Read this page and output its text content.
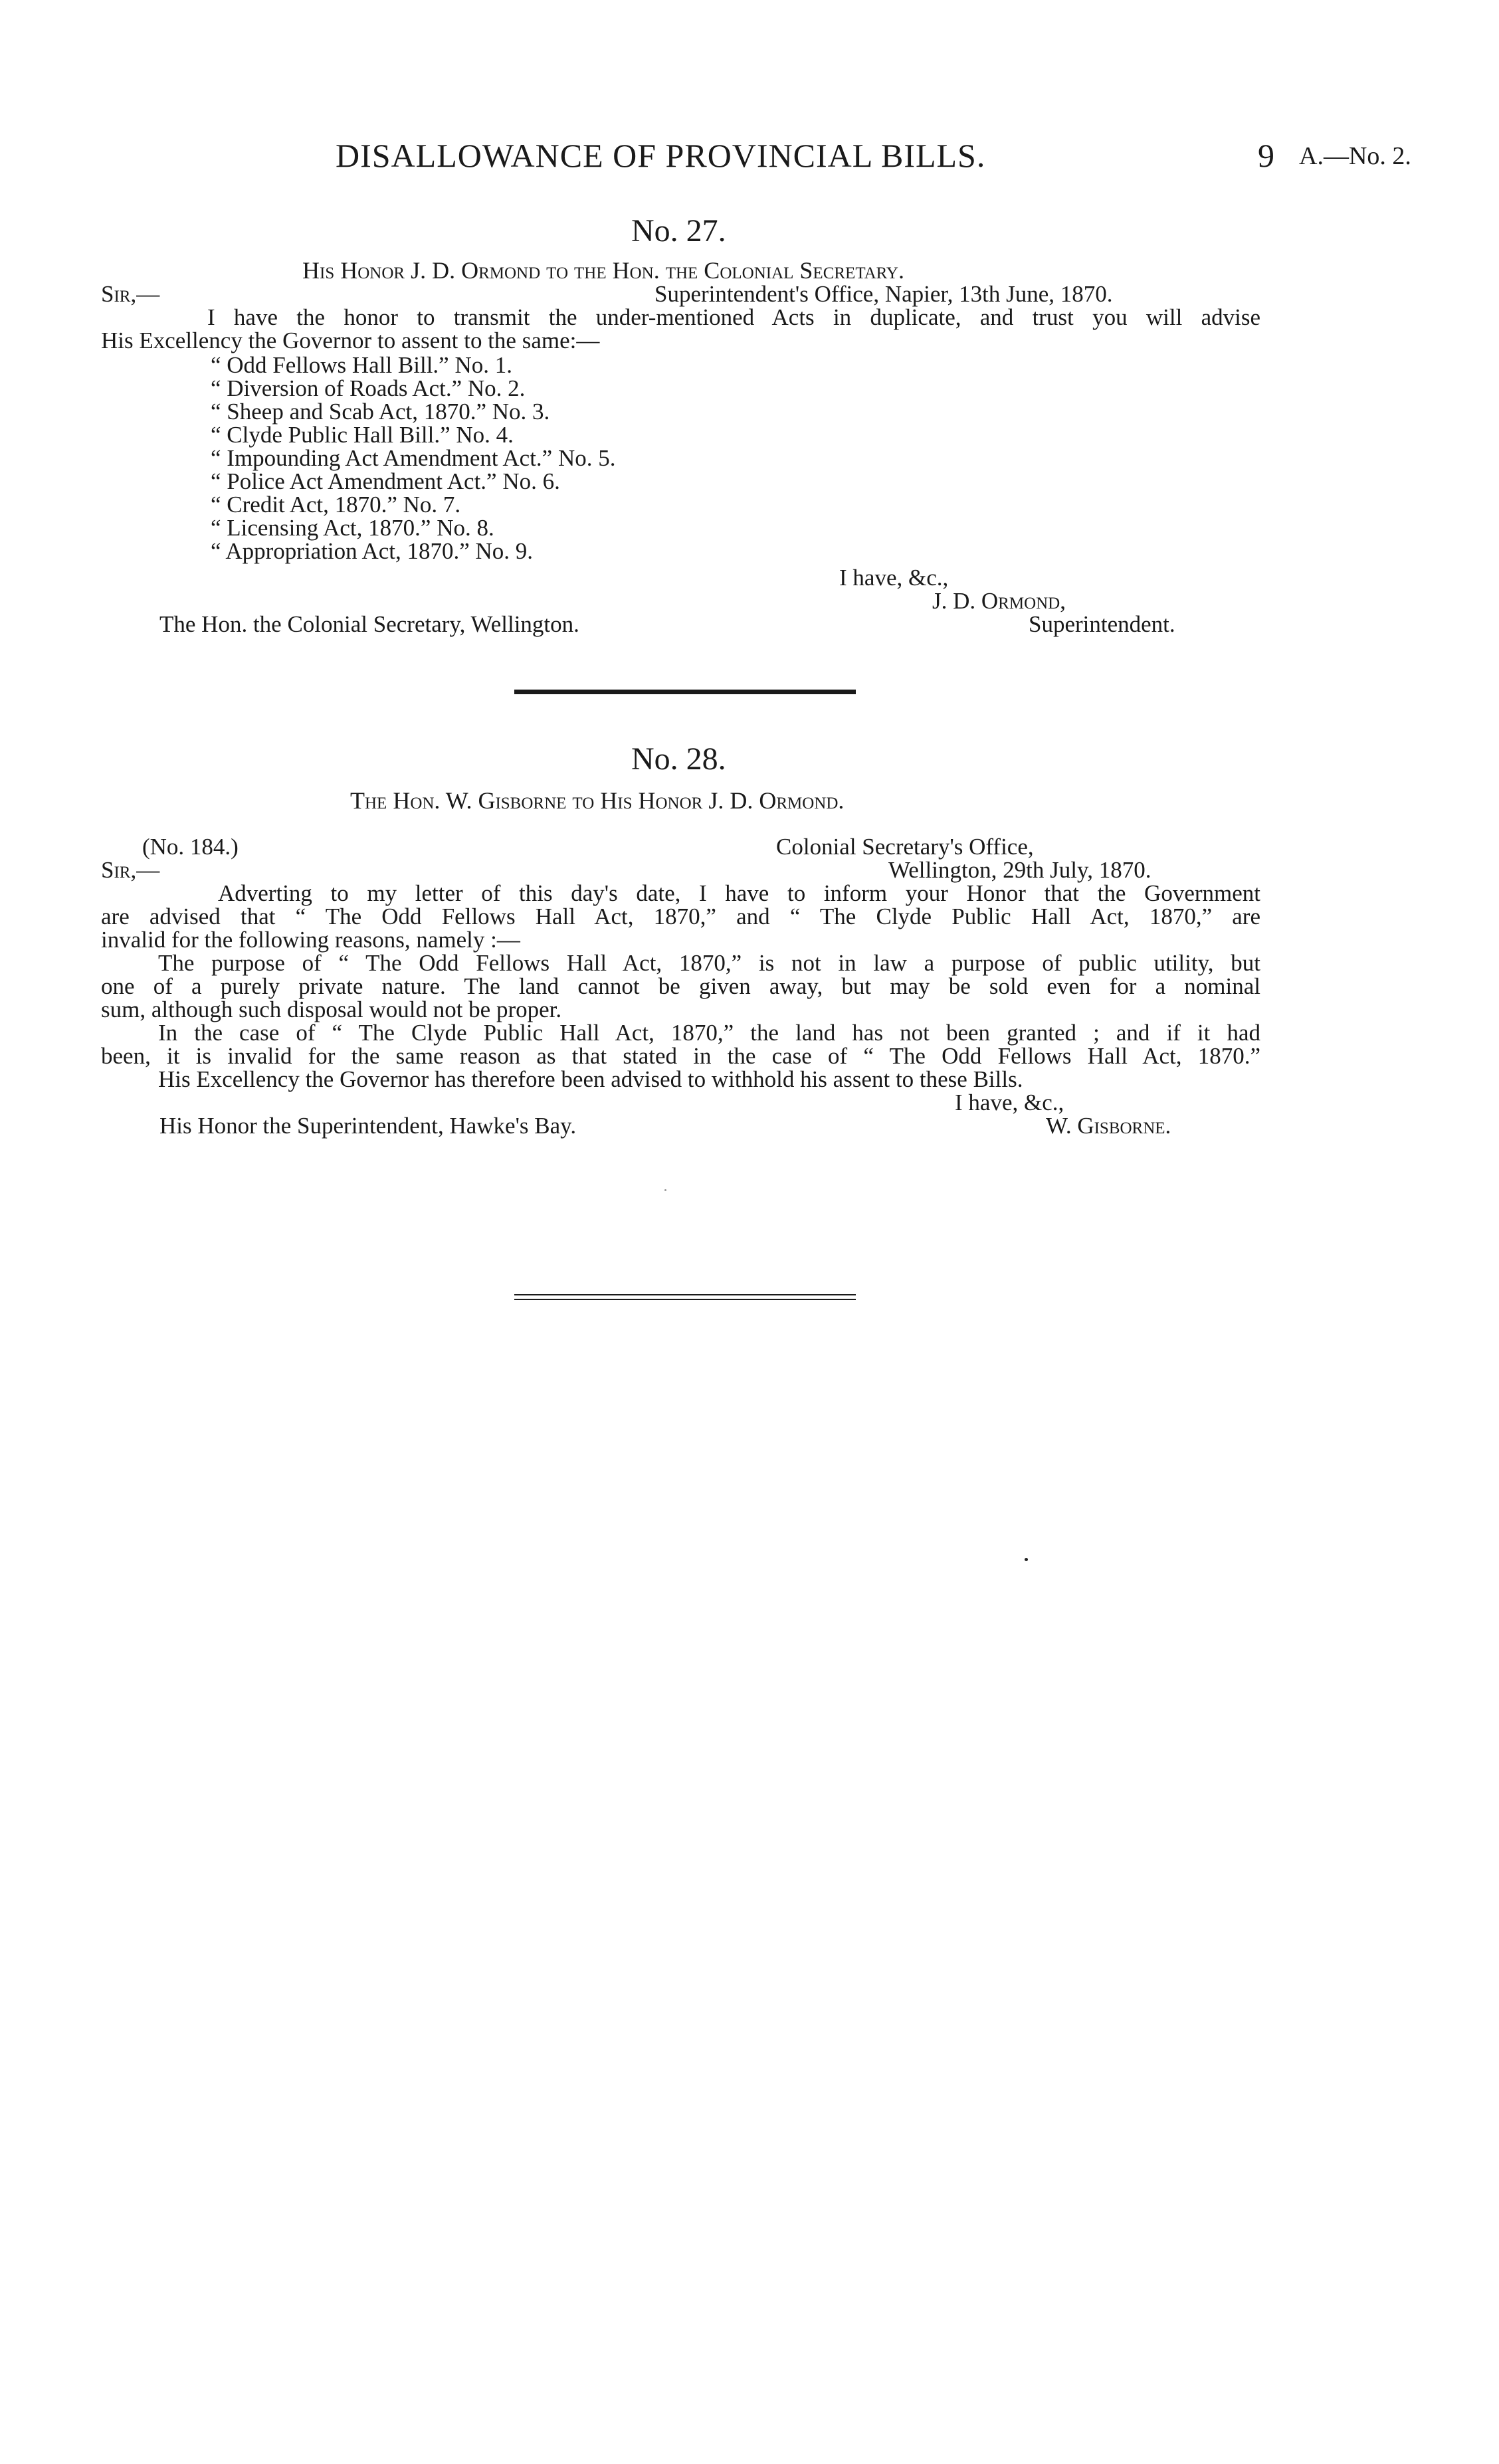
DISALLOWANCE OF PROVINCIAL BILLS.	9 A.—No. 2.
No. 27.
His Honor J. D. Ormond to the Hon. the Colonial Secretary.
Sir,—	Superintendent's Office, Napier, 13th June, 1870.
I have the honor to transmit the under-mentioned Acts in duplicate, and trust you will advise
His Excellency the Governor to assent to the same:—
“ Odd Fellows Hall Bill.” No. 1.
“ Diversion of Roads Act.” No. 2.
“ Sheep and Scab Act, 1870.” No. 3.
“ Clyde Public Hall Bill.” No. 4.
“ Impounding Act Amendment Act.” No. 5.
“ Police Act Amendment Act.” No. 6.
“ Credit Act, 1870.” No. 7.
“ Licensing Act, 1870.” No. 8.
“ Appropriation Act, 1870.” No. 9.
I have, &c.,
J. D. Ormond,
The Hon. the Colonial Secretary, Wellington.	Superintendent.
No. 28.
The Hon. W. Gisborne to His Honor J. D. Ormond.
(No. 184.)	Colonial Secretary's Office,
Sir,—	Wellington, 29th July, 1870.
Adverting to my letter of this day's date, I have to inform your Honor that the Government
are advised that “ The Odd Fellows Hall Act, 1870,” and “ The Clyde Public Hall Act, 1870,” are
invalid for the following reasons, namely :—
The purpose of “ The Odd Fellows Hall Act, 1870,” is not in law a purpose of public utility, but
one of a purely private nature. The land cannot be given away, but may be sold even for a nominal
sum, although such disposal would not be proper.
In the case of “ The Clyde Public Hall Act, 1870,” the land has not been granted ; and if it had
been, it is invalid for the same reason as that stated in the case of “ The Odd Fellows Hall Act, 1870.”
His Excellency the Governor has therefore been advised to withhold his assent to these Bills.
I have, &c.,
His Honor the Superintendent, Hawke's Bay.	W. Gisborne.
